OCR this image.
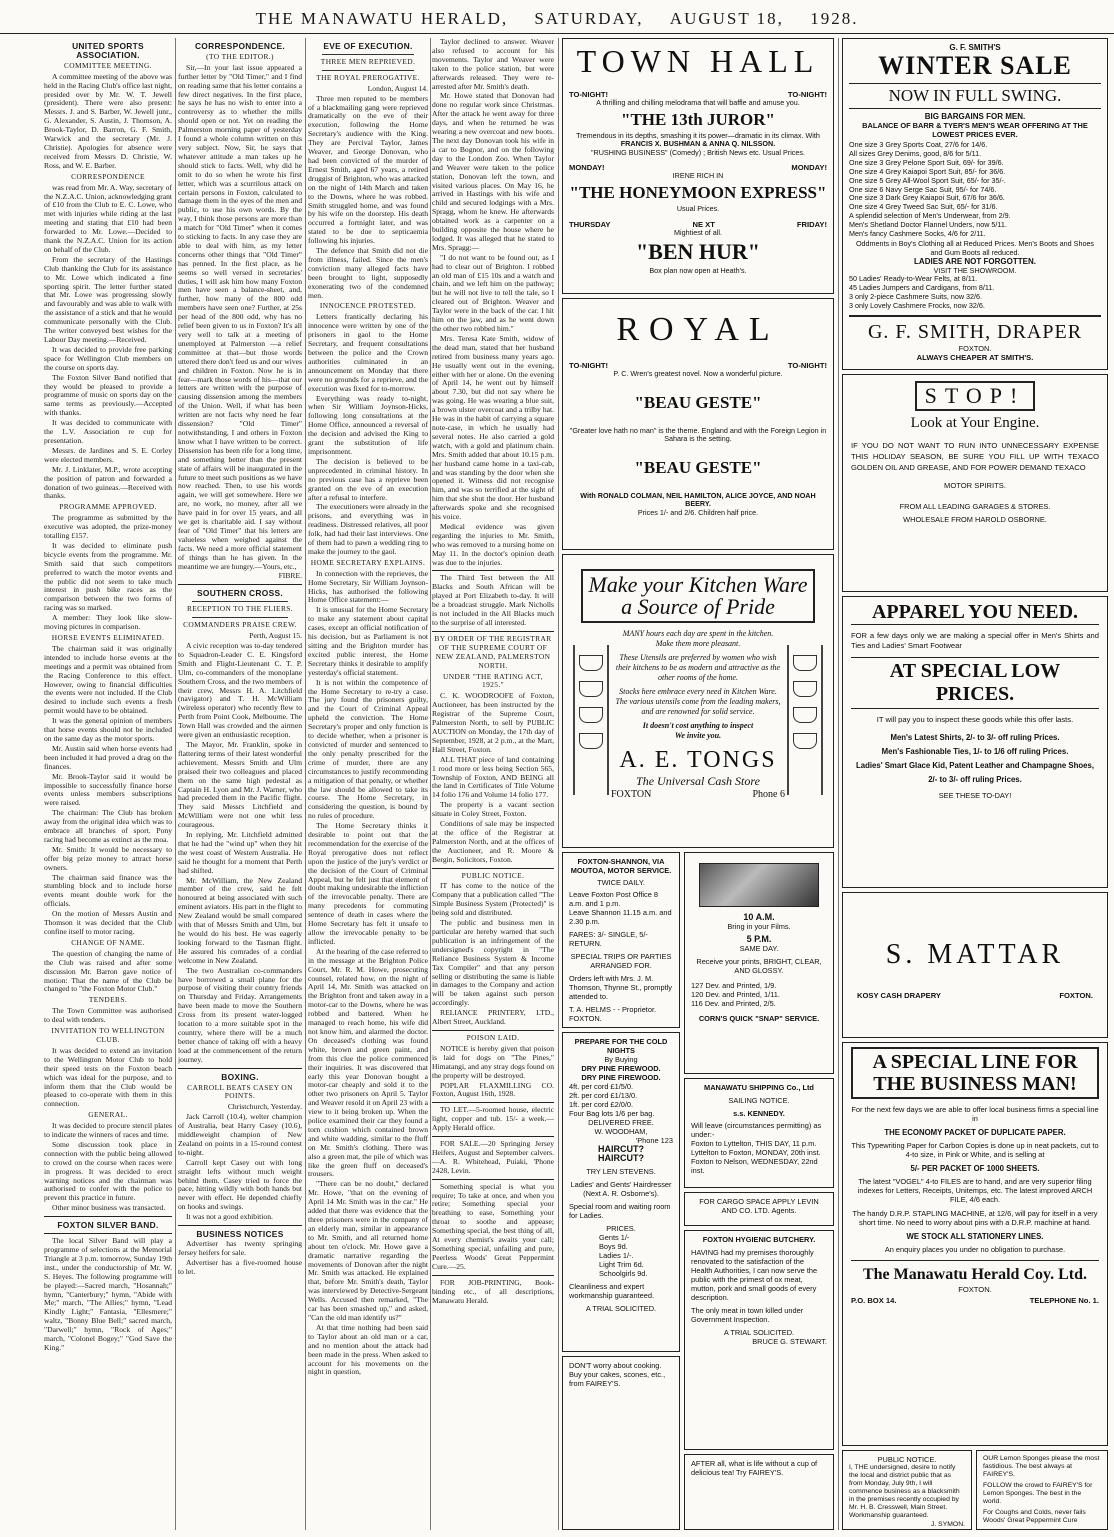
THE MANAWATU HERALD, SATURDAY, AUGUST 18, 1928.
UNITED SPORTS ASSOCIATION.
COMMITTEE MEETING.

A committee meeting of the above was held in the Racing Club's office last night, presided over by Mr. W. T. Jewell (president). There were also present: Messrs. J. and S. Barber, W. Jewell junr., G. Alexander, S. Austin, J. Thomson, A. Brook-Taylor, D. Barron, G. F. Smith, Warwick and the secretary (Mr. J. Christie). Apologies for absence were received from Messrs D. Christie, W. Ross, and W. E. Barber.

CORRESPONDENCE

was read from Mr. A. Way, secretary of the N.Z.A.C. Union, acknowledging grant of £10 from the Club to E. C. Lowe, who met with injuries while riding at the last meeting and stating that £10 had been forwarded to Mr. Lowe.—Decided to thank the N.Z.A.C. Union for its action on behalf of the Club.

From the secretary of the Hastings Club thanking the Club for its assistance to Mr. Lowe which indicated a fine sporting spirit. The letter further stated that Mr. Lowe was progressing slowly and favourably and was able to walk with the assistance of a stick and that he would communicate personally with the Club. The writer conveyed best wishes for the Labour Day meeting.—Received.

It was decided to provide free parking space for Wellington Club members on the course on sports day.

The Foxton Silver Band notified that they would be pleased to provide a programme of music on sports day on the same terms as previously.—Accepted with thanks.

It was decided to communicate with the L.V. Association re cup for presentation.

Messrs. de Jardines and S. E. Corley were elected members.

Mr. J. Linklater, M.P., wrote accepting the position of patron and forwarded a donation of two guineas.—Received with thanks.

PROGRAMME APPROVED.

The programme as submitted by the executive was adopted, the prize-money totalling £157.

It was decided to eliminate push bicycle events from the programme. Mr. Smith said that such competitors preferred to watch the motor events and the public did not seem to take much interest in push bike races as the comparison between the two forms of racing was so marked.

A member: They look like slow-moving pictures in comparison.

HORSE EVENTS ELIMINATED.

The chairman said it was originally intended to include horse events at the meetings and a permit was obtained from the Racing Conference to this effect. However, owing to financial difficulties the events were not included. If the Club desired to include such events a fresh permit would have to be obtained.

It was the general opinion of members that horse events should not be included on the same day as the motor sports.

Mr. Austin said when horse events had been included it had proved a drag on the finances.

Mr. Brook-Taylor said it would be impossible to successfully finance horse events unless members subscriptions were raised.

The chairman: The Club has broken away from the original idea which was to embrace all branches of sport. Pony racing had become as extinct as the moa.

Mr. Smith: It would be necessary to offer big prize money to attract horse owners.

The chairman said finance was the stumbling block and to include horse events meant double work for the officials.

On the motion of Messrs Austin and Thomson it was decided that the Club confine itself to motor racing.

CHANGE OF NAME.

The question of changing the name of the Club was raised and after some discussion Mr. Barron gave notice of motion: That the name of the Club be changed to "the Foxton Motor Club."

TENDERS.

The Town Committee was authorised to deal with tenders.

INVITATION TO WELLINGTON CLUB.

It was decided to extend an invitation to the Wellington Motor Club to hold their speed tests on the Foxton beach which was ideal for the purpose, and to inform them that the Club would be pleased to co-operate with them in this connection.

GENERAL.

It was decided to procure stencil plates to indicate the winners of races and time.

Some discussion took place in connection with the public being allowed to crowd on the course when races were in progress. It was decided to erect warning notices and the chairman was authorised to confer with the police to prevent this practice in future.

Other minor business was transacted.

FOXTON SILVER BAND.

The local Silver Band will play a programme of selections at the Memorial Triangle at 3 p.m. tomorrow, Sunday 19th inst., under the conductorship of Mr. W. S. Heyes. The following programme will be played:—Sacred march, "Hosannah;" hymn, "Canterbury;" hymn, "Abide with Me;" march, "The Allies;" hymn, "Lead Kindly Light;" Fantasia, "Ellesmere;" waltz, "Bonny Blue Bell;" sacred march, "Darwell;" hymn, "Rock of Ages;" march, "Colonel Bogey;" "God Save the King."

CORRESPONDENCE.
(TO THE EDITOR.)

Sir,—In your last issue appeared a further letter by "Old Timer," and I find on reading same that his letter contains a few direct negatives. In the first place, he says he has no wish to enter into a controversy as to whether the mills should open or not. Yet on reading the Palmerston morning paper of yesterday I found a whole column written on this very subject. Now, Sir, he says that whatever attitude a man takes up he should stick to facts. Well, why did he omit to do so when he wrote his first letter, which was a scurrilous attack on certain persons in Foxton, calculated to damage them in the eyes of the men and public, to use his own words. By the way, I think those persons are more than a match for "Old Timer" when it comes to sticking to facts. In any case they are able to deal with him, as my letter concerns other things that "Old Timer" has penned. In the first place, as he seems so well versed in secretaries' duties, I will ask him how many Foxton men have seen a balance-sheet, and, further, how many of the 800 odd members have seen one? Further, at 25s per head of the 800 odd, why has no relief been given to us in Foxton? It's all very well to talk at a meeting of unemployed at Palmerston —a relief committee at that—but those words uttered there don't feed us and our wives and children in Foxton. Now he is in fear—mark those words of his—that our letters are written with the purpose of causing dissension among the members of the Union. Well, if what has been written are not facts why need he fear dissension? "Old Timer" notwithstanding, I and others in Foxton know what I have written to be correct. Dissension has been rife for a long time, and something better than the present state of affairs will be inaugurated in the future to meet such positions as we have now reached. Then, to use his words again, we will get somewhere. Here we are, no work, no money, after all we have paid in for over 15 years, and all we get is charitable aid. I say without fear of "Old Timer" that his letters are valueless when weighed against the facts. We need a more official statement of things than he has given. In the meantime we are hungry.—Yours, etc.,

FIBRE.

SOUTHERN CROSS.
RECEPTION TO THE FLIERS.
COMMANDERS PRAISE CREW.

Perth, August 15.

A civic reception was to-day tendered to Squadron-Leader C. E. Kingsford Smith and Flight-Lieutenant C. T. P. Ulm, co-commanders of the monoplane Southern Cross, and the two members of their crew, Messrs H. A. Litchfield (navigator) and T. H. McWilliam (wireless operator) who recently flew to Perth from Point Cook, Melbourne. The Town Hall was crowded and the airmen were given an enthusiastic reception.

The Mayor, Mr. Franklin, spoke in flattering terms of their latest wonderful achievement. Messrs Smith and Ulm praised their two colleagues and placed them on the same high pedestal as Captain H. Lyon and Mr. J. Warner, who had preceded them in the Pacific flight. They said Messrs Litchfield and McWilliam were not one whit less courageous.

In replying, Mr. Litchfield admitted that he had the "wind up" when they hit the west coast of Western Australia. He said he thought for a moment that Perth had shifted.

Mr. McWilliam, the New Zealand member of the crew, said he felt honoured at being associated with such eminent aviators. His part in the flight to New Zealand would be small compared with that of Messrs Smith and Ulm, but he would do his best. He was eagerly looking forward to the Tasman flight. He assured his comrades of a cordial welcome in New Zealand.

The two Australian co-commanders have borrowed a small plane for the purpose of visiting their country friends on Thursday and Friday. Arrangements have been made to move the Southern Cross from its present water-logged location to a more suitable spot in the country, where there will be a much better chance of taking off with a heavy load at the commencement of the return journey.

BOXING.
CARROLL BEATS CASEY ON POINTS.

Christchurch, Yesterday.

Jack Carroll (10.4), welter champion of Australia, beat Harry Casey (10.6), middleweight champion of New Zealand on points in a 15-round contest to-night.

Carroll kept Casey out with long straight lefts without much weight behind them. Casey tried to force the pace, hitting wildly with both hands but never with effect. He depended chiefly on hooks and swings.

It was not a good exhibition.

BUSINESS NOTICES

Advertiser has twenty springing Jersey heifers for sale.

Advertiser has a five-roomed house to let.

EVE OF EXECUTION.
THREE MEN REPRIEVED.
THE ROYAL PREROGATIVE.

London, August 14.

Three men reputed to be members of a blackmailing gang were reprieved dramatically on the eve of their execution, following the Home Secretary's audience with the King. They are Percival Taylor, James Weaver, and George Donovan, who had been convicted of the murder of Ernest Smith, aged 67 years, a retired druggist of Brighton, who was attacked on the night of 14th March and taken to the Downs, where he was robbed. Smith struggled home, and was found by his wife on the doorstep. His death occurred a fortnight later, and was stated to be due to septicaemia following his injuries.

The defence that Smith did not die from illness, failed. Since the men's conviction many alleged facts have been brought to light, supposedly exonerating two of the condemned men.

INNOCENCE PROTESTED.

Letters frantically declaring his innocence were written by one of the prisoners in gaol to the Home Secretary, and frequent consultations between the police and the Crown authorities culminated in an announcement on Monday that there were no grounds for a reprieve, and the execution was fixed for to-morrow.

Everything was ready to-night, when Sir William Joynson-Hicks, following long consultations at the Home Office, announced a reversal of the decision and advised the King to grant the substitution of life imprisonment.

The decision is believed to be unprecedented in criminal history. In no previous case has a reprieve been granted on the eve of an execution after a refusal to interfere.

The executioners were already in the prisons, and everything was in readiness. Distressed relatives, all poor folk, had had their last interviews. One of them had to pawn a wedding ring to make the journey to the gaol.

HOME SECRETARY EXPLAINS.

In connection with the reprieves, the Home Secretary, Sir William Joynson-Hicks, has authorised the following Home Office statement:—

It is unusual for the Home Secretary to make any statement about capital cases, except an official notification of his decision, but as Parliament is not sitting and the Brighton murder has excited public interest, the Home Secretary thinks it desirable to amplify yesterday's official statement.

It is not within the competence of the Home Secretary to re-try a case. The jury found the prisoners guilty, and the Court of Criminal Appeal upheld the conviction. The Home Secretary's proper and only function is to decide whether, when a prisoner is convicted of murder and sentenced to the only penalty prescribed for the crime of murder, there are any circumstances to justify recommending a mitigation of that penalty, or whether the law should be allowed to take its course. The Home Secretary, in considering the question, is bound by no rules of procedure.

The Home Secretary thinks it desirable to point out that the recommendation for the exercise of the Royal prerogative does not reflect upon the justice of the jury's verdict or the decision of the Court of Criminal Appeal, but he felt just that element of doubt making undesirable the infliction of the irrevocable penalty. There are many precedents for commuting sentence of death in cases where the Home Secretary has felt it unsafe to allow the irrevocable penalty to be inflicted.

At the hearing of the case referred to in the message at the Brighton Police Court, Mr. R. M. Howe, prosecuting counsel, related how, on the night of April 14, Mr. Smith was attacked on the Brighton front and taken away in a motor-car to the Downs, where he was robbed and battered. When he managed to reach home, his wife did not know him, and alarmed the doctor. On deceased's clothing was found white, brown and green paint, and from this clue the police commenced their inquiries. It was discovered that early this year Donovan bought a motor-car cheaply and sold it to the other two prisoners on April 5. Taylor and Weaver resold it on April 23 with a view to it being broken up. When the police examined their car they found a torn cushion which contained brown and white wadding, similar to the fluff on Mr. Smith's clothing. There was also a green mat, the pile of which was like the green fluff on deceased's trousers.

"There can be no doubt," declared Mr. Howe, "that on the evening of April 14 Mr. Smith was in the car." He added that there was evidence that the three prisoners were in the company of an elderly man, similar in appearance to Mr. Smith, and all returned home about ten o'clock. Mr. Howe gave a dramatic narrative regarding the movements of Donovan after the night Mr. Smith was attacked. He explained that, before Mr. Smith's death, Taylor was interviewed by Detective-Sergeant Wells. Accused then remarked, "The car has been smashed up," and asked, "Can the old man identify us?"

At that time nothing had been said to Taylor about an old man or a car, and no mention about the attack had been made in the press. When asked to account for his movements on the night in question,

Taylor declined to answer. Weaver also refused to account for his movements. Taylor and Weaver were taken to the police station, but were afterwards released. They were re-arrested after Mr. Smith's death.

Mr. Howe stated that Donovan had done no regular work since Christmas. After the attack he went away for three days, and when he returned he was wearing a new overcoat and new boots. The next day Donovan took his wife in a car to Bognor, and on the following day to the London Zoo. When Taylor and Weaver were taken to the police station, Donovan left the town, and visited various places. On May 16, he arrived in Hastings with his wife and child and secured lodgings with a Mrs. Spragg, whom he knew. He afterwards obtained work as a carpenter on a building opposite the house where he lodged. It was alleged that he stated to Mrs. Spragg:—

"I do not want to be found out, as I had to clear out of Brighton. I robbed an old man of £15 10s and a watch and chain, and we left him on the pathway; but he will not live to tell the tale, so I cleared out of Brighton. Weaver and Taylor were in the back of the car. I hit him on the jaw, and as he went down the other two robbed him."

Mrs. Teresa Kate Smith, widow of the dead man, stated that her husband retired from business many years ago. He usually went out in the evening, either with her or alone. On the evening of April 14, he went out by himself about 7.30, but did not say where he was going. He was wearing a blue suit, a brown ulster overcoat and a trilby hat. He was in the habit of carrying a square note-case, in which he usually had several notes. He also carried a gold watch, with a gold and platinum chain. Mrs. Smith added that about 10.15 p.m. her husband came home in a taxi-cab, and was standing by the door when she opened it. Witness did not recognise him, and was so terrified at the sight of him that she shut the door. Her husband afterwards spoke and she recognised his voice.

Medical evidence was given regarding the injuries to Mr. Smith, who was removed to a nursing home on May 11. In the doctor's opinion death was due to the injuries.

The Third Test between the All Blacks and South African will be played at Port Elizabeth to-day. It will be a broadcast struggle. Mark Nicholls is not included in the All Blacks much to the surprise of all interested.

BY ORDER OF THE REGISTRAR OF THE SUPREME COURT OF NEW ZEALAND, PALMERSTON NORTH.
UNDER "THE RATING ACT, 1925."

C. K. WOODROOFE of Foxton, Auctioneer, has been instructed by the Registrar of the Supreme Court, Palmerston North, to sell by PUBLIC AUCTION on Monday, the 17th day of September, 1928, at 2 p.m., at the Mart, Hall Street, Foxton.

ALL THAT piece of land containing 1 rood more or less being Section 565, Township of Foxton, AND BEING all the land in Certificates of Title Volume 14 folio 176 and Volume 14 folio 177.

The property is a vacant section situate in Coley Street, Foxton.

Conditions of sale may be inspected at the office of the Registrar at Palmerston North, and at the offices of the Auctioneer, and R. Moore & Bergin, Solicitors, Foxton.

PUBLIC NOTICE.

IT has come to the notice of the Company that a publication called "The Simple Business System (Protected)" is being sold and distributed.

The public and business men in particular are hereby warned that such publication is an infringement of the undersigned's copyright in "The Reliance Business System & Income Tax Compiler" and that any person selling or distributing the same is liable in damages to the Company and action will be taken against such person accordingly.

RELIANCE PRINTERY, LTD., Albert Street, Auckland.

POISON LAID.

NOTICE is hereby given that poison is laid for dogs on "The Pines," Himatangi, and any stray dogs found on the property will be destroyed.

POPLAR FLAXMILLING CO. Foxton, August 16th, 1928.

TO LET.—5-roomed house, electric light, copper and tub. 15/- a week.—Apply Herald office.

FOR SALE.—20 Springing Jersey Heifers, August and September calvers.—A. R. Whitehead, Puiaki, 'Phone 2428, Levin.

Something special is what you require; To take at once, and when you retire; Something special your breathing to ease, Something your throat to soothe and appease; Something special, the best thing of all, At every chemist's awaits your call; Something special, unfailing and pure, Peerless Woods' Great Peppermint Cure.—25.

FOR JOB-PRINTING, Book-binding etc., of all descriptions, Manawatu Herald.

TOWN HALL
TO-NIGHT!	TO-NIGHT!
A thrilling and chilling melodrama that will baffle and amuse you.
"THE 13th JUROR"
Tremendous in its depths, smashing it its power—dramatic in its climax. With
FRANCIS X. BUSHMAN & ANNA Q. NILSSON.
"RUSHING BUSINESS" (Comedy) ; British News etc. Usual Prices.
MONDAY!	MONDAY!
IRENE RICH IN
"THE HONEYMOON EXPRESS"
Usual Prices.
THURSDAY	NE XT	FRIDAY!
Mightiest of all.
"BEN HUR"
Box plan now open at Heath's.
ROYAL
TO-NIGHT!	TO-NIGHT!
P. C. Wren's greatest novel. Now a wonderful picture.
"BEAU GESTE"
"Greater love hath no man" is the theme. England and with the Foreign Legion in Sahara is the setting.
"BEAU GESTE"
With RONALD COLMAN, NEIL HAMILTON, ALICE JOYCE, AND NOAH BEERY.
Prices 1/- and 2/6. Children half price.
Make your Kitchen Ware a Source of Pride

MANY hours each day are spent in the kitchen. Make them more pleasant.

These Utensils are preferred by women who wish their kitchens to be as modern and attractive as the other rooms of the home.

Stocks here embrace every need in Kitchen Ware. The various utensils come from the leading makers, and are renowned for solid service.

It doesn't cost anything to inspect

We invite you.

A. E. TONGS
The Universal Cash Store
FOXTON	Phone 6
FOXTON-SHANNON, VIA MOUTOA, MOTOR SERVICE.
TWICE DAILY.

Leave Foxton Post Office 8 a.m. and 1 p.m.

Leave Shannon 11.15 a.m. and 2.30 p.m.

FARES: 3/- SINGLE, 5/- RETURN.

SPECIAL TRIPS OR PARTIES ARRANGED FOR.

Orders left with Mrs. J. M. Thomson, Thynne St., promptly attended to.

T. A. HELMS - - Proprietor. FOXTON.

10 A.M.
Bring in your Films.
5 P.M.
SAME DAY.
Receive your prints, BRIGHT, CLEAR, AND GLOSSY.
127 Dev. and Printed, 1/9.
120 Dev. and Printed, 1/11.
116 Dev. and Printed, 2/5.
CORN'S QUICK "SNAP" SERVICE.
PREPARE FOR THE COLD NIGHTS
By Buying
DRY PINE FIREWOOD.
DRY PINE FIREWOOD.
4ft. per cord £1/5/0.
2ft. per cord £1/13/0.
1ft. per cord £2/0/0.
Four Bag lots 1/6 per bag.
DELIVERED FREE.
W. WOODHAM,
'Phone 123
HAIRCUT?
HAIRCUT?
TRY LEN STEVENS.
Ladies' and Gents' Hairdresser (Next A. R. Osborne's).
Special room and waiting room for Ladies.
PRICES.
Gents 1/-
Boys 9d.
Ladies 1/-.
Light Trim 6d.
Schoolgirls 9d.
Cleanliness and expert workmanship guaranteed.
A TRIAL SOLICITED.

DON'T worry about cooking. Buy your cakes, scones, etc., from FAIREY'S.

MANAWATU SHIPPING Co., Ltd
SAILING NOTICE.
s.s. KENNEDY.

Will leave (circumstances permitting) as under:-

Foxton to Lyttelton, THIS DAY, 11 p.m.

Lyttelton to Foxton, MONDAY, 20th inst.

Foxton to Nelson, WEDNESDAY, 22nd inst.

FOR CARGO SPACE APPLY LEVIN AND CO. LTD. Agents.
FOXTON HYGIENIC BUTCHERY.

HAVING had my premises thoroughly renovated to the satisfaction of the Health Authorities, I can now serve the public with the primest of ox meat, mutton, pork and small goods of every description.

The only meat in town killed under Government Inspection.

A TRIAL SOLICITED.
BRUCE G. STEWART.

AFTER all, what is life without a cup of delicious tea! Try FAIREY'S.

G. F. SMITH'S
WINTER SALE
NOW IN FULL SWING.
BIG BARGAINS FOR MEN.
BALANCE OF BARR & TYER'S MEN'S WEAR OFFERING AT THE LOWEST PRICES EVER.
One size 3 Grey Sports Coat, 27/6 for 14/6.
All sizes Grey Denims, good, 8/6 for 5/11.
One size 3 Grey Pelone Sport Suit, 69/- for 39/6.
One size 4 Grey Kaiapoi Sport Suit, 85/- for 36/6.
One size 5 Grey All-Wool Sport Suit, 65/- for 35/-.
One size 6 Navy Serge Sac Suit, 95/- for 74/6.
One size 3 Dark Grey Kaiapoi Suit, 67/6 for 36/6.
One size 4 Grey Tweed Sac Suit, 65/- for 31/6.
A splendid selection of Men's Underwear, from 2/9.
Men's Shetland Doctor Flannel Unders, now 5/11.
Men's fancy Cashmere Socks, 4/6 for 2/11.
Oddments in Boy's Clothing all at Reduced Prices. Men's Boots and Shoes and Gum Boots all reduced.
LADIES ARE NOT FORGOTTEN.
VISIT THE SHOWROOM.
50 Ladies' Ready-to-Wear Felts, at 8/11.
45 Ladies Jumpers and Cardigans, from 8/11.
3 only 2-piece Cashmere Suits, now 32/6.
3 only Lovely Cashmere Frocks, now 32/6.
G. F. SMITH, DRAPER
FOXTON.
ALWAYS CHEAPER AT SMITH'S.
STOP!
Look at Your Engine.

IF YOU DO NOT WANT TO RUN INTO UNNECESSARY EXPENSE THIS HOLIDAY SEASON, BE SURE YOU FILL UP WITH TEXACO GOLDEN OIL AND GREASE, AND FOR POWER DEMAND TEXACO

MOTOR SPIRITS.
FROM ALL LEADING GARAGES & STORES.
WHOLESALE FROM HAROLD OSBORNE.
APPAREL YOU NEED.

FOR a few days only we are making a special offer in Men's Shirts and Ties and Ladies' Smart Footwear

AT SPECIAL LOW PRICES.

IT will pay you to inspect these goods while this offer lasts.

Men's Latest Shirts, 2/- to 3/- off ruling Prices.
Men's Fashionable Ties, 1/- to 1/6 off ruling Prices.
Ladies' Smart Glace Kid, Patent Leather and Champagne Shoes, 2/- to 3/- off ruling Prices.
SEE THESE TO-DAY!
S. MATTAR
KOSY CASH DRAPERY	FOXTON.
A SPECIAL LINE FOR THE BUSINESS MAN!

For the next few days we are able to offer local business firms a special line in

THE ECONOMY PACKET OF DUPLICATE PAPER.

This Typewriting Paper for Carbon Copies is done up in neat packets, cut to 4-to size, in Pink or White, and is selling at

5/- PER PACKET OF 1000 SHEETS.

The latest "VOGEL" 4-to FILES are to hand, and are very superior filing indexes for Letters, Receipts, Unitemps, etc. The latest improved ARCH FILE, 4/6 each.

The handy D.R.P. STAPLING MACHINE, at 12/6, will pay for itself in a very short time. No need to worry about pins with a D.R.P. machine at hand.

WE STOCK ALL STATIONERY LINES.

An enquiry places you under no obligation to purchase.

The Manawatu Herald Coy. Ltd.
FOXTON.
P.O. BOX 14.	TELEPHONE No. 1.
PUBLIC NOTICE.

I, THE undersigned, desire to notify the local and district public that as from Monday, July 9th, I will commence business as a blacksmith in the premises recently occupied by Mr. H. B. Cresswell, Main Street. Workmanship guaranteed.

J. SYMON.

OUR Lemon Sponges please the most fastidious. The best always at FAIREY'S.

FOLLOW the crowd to FAIREY'S for Lemon Sponges. The best in the world.

For Coughs and Colds, never fails Woods' Great Peppermint Cure
